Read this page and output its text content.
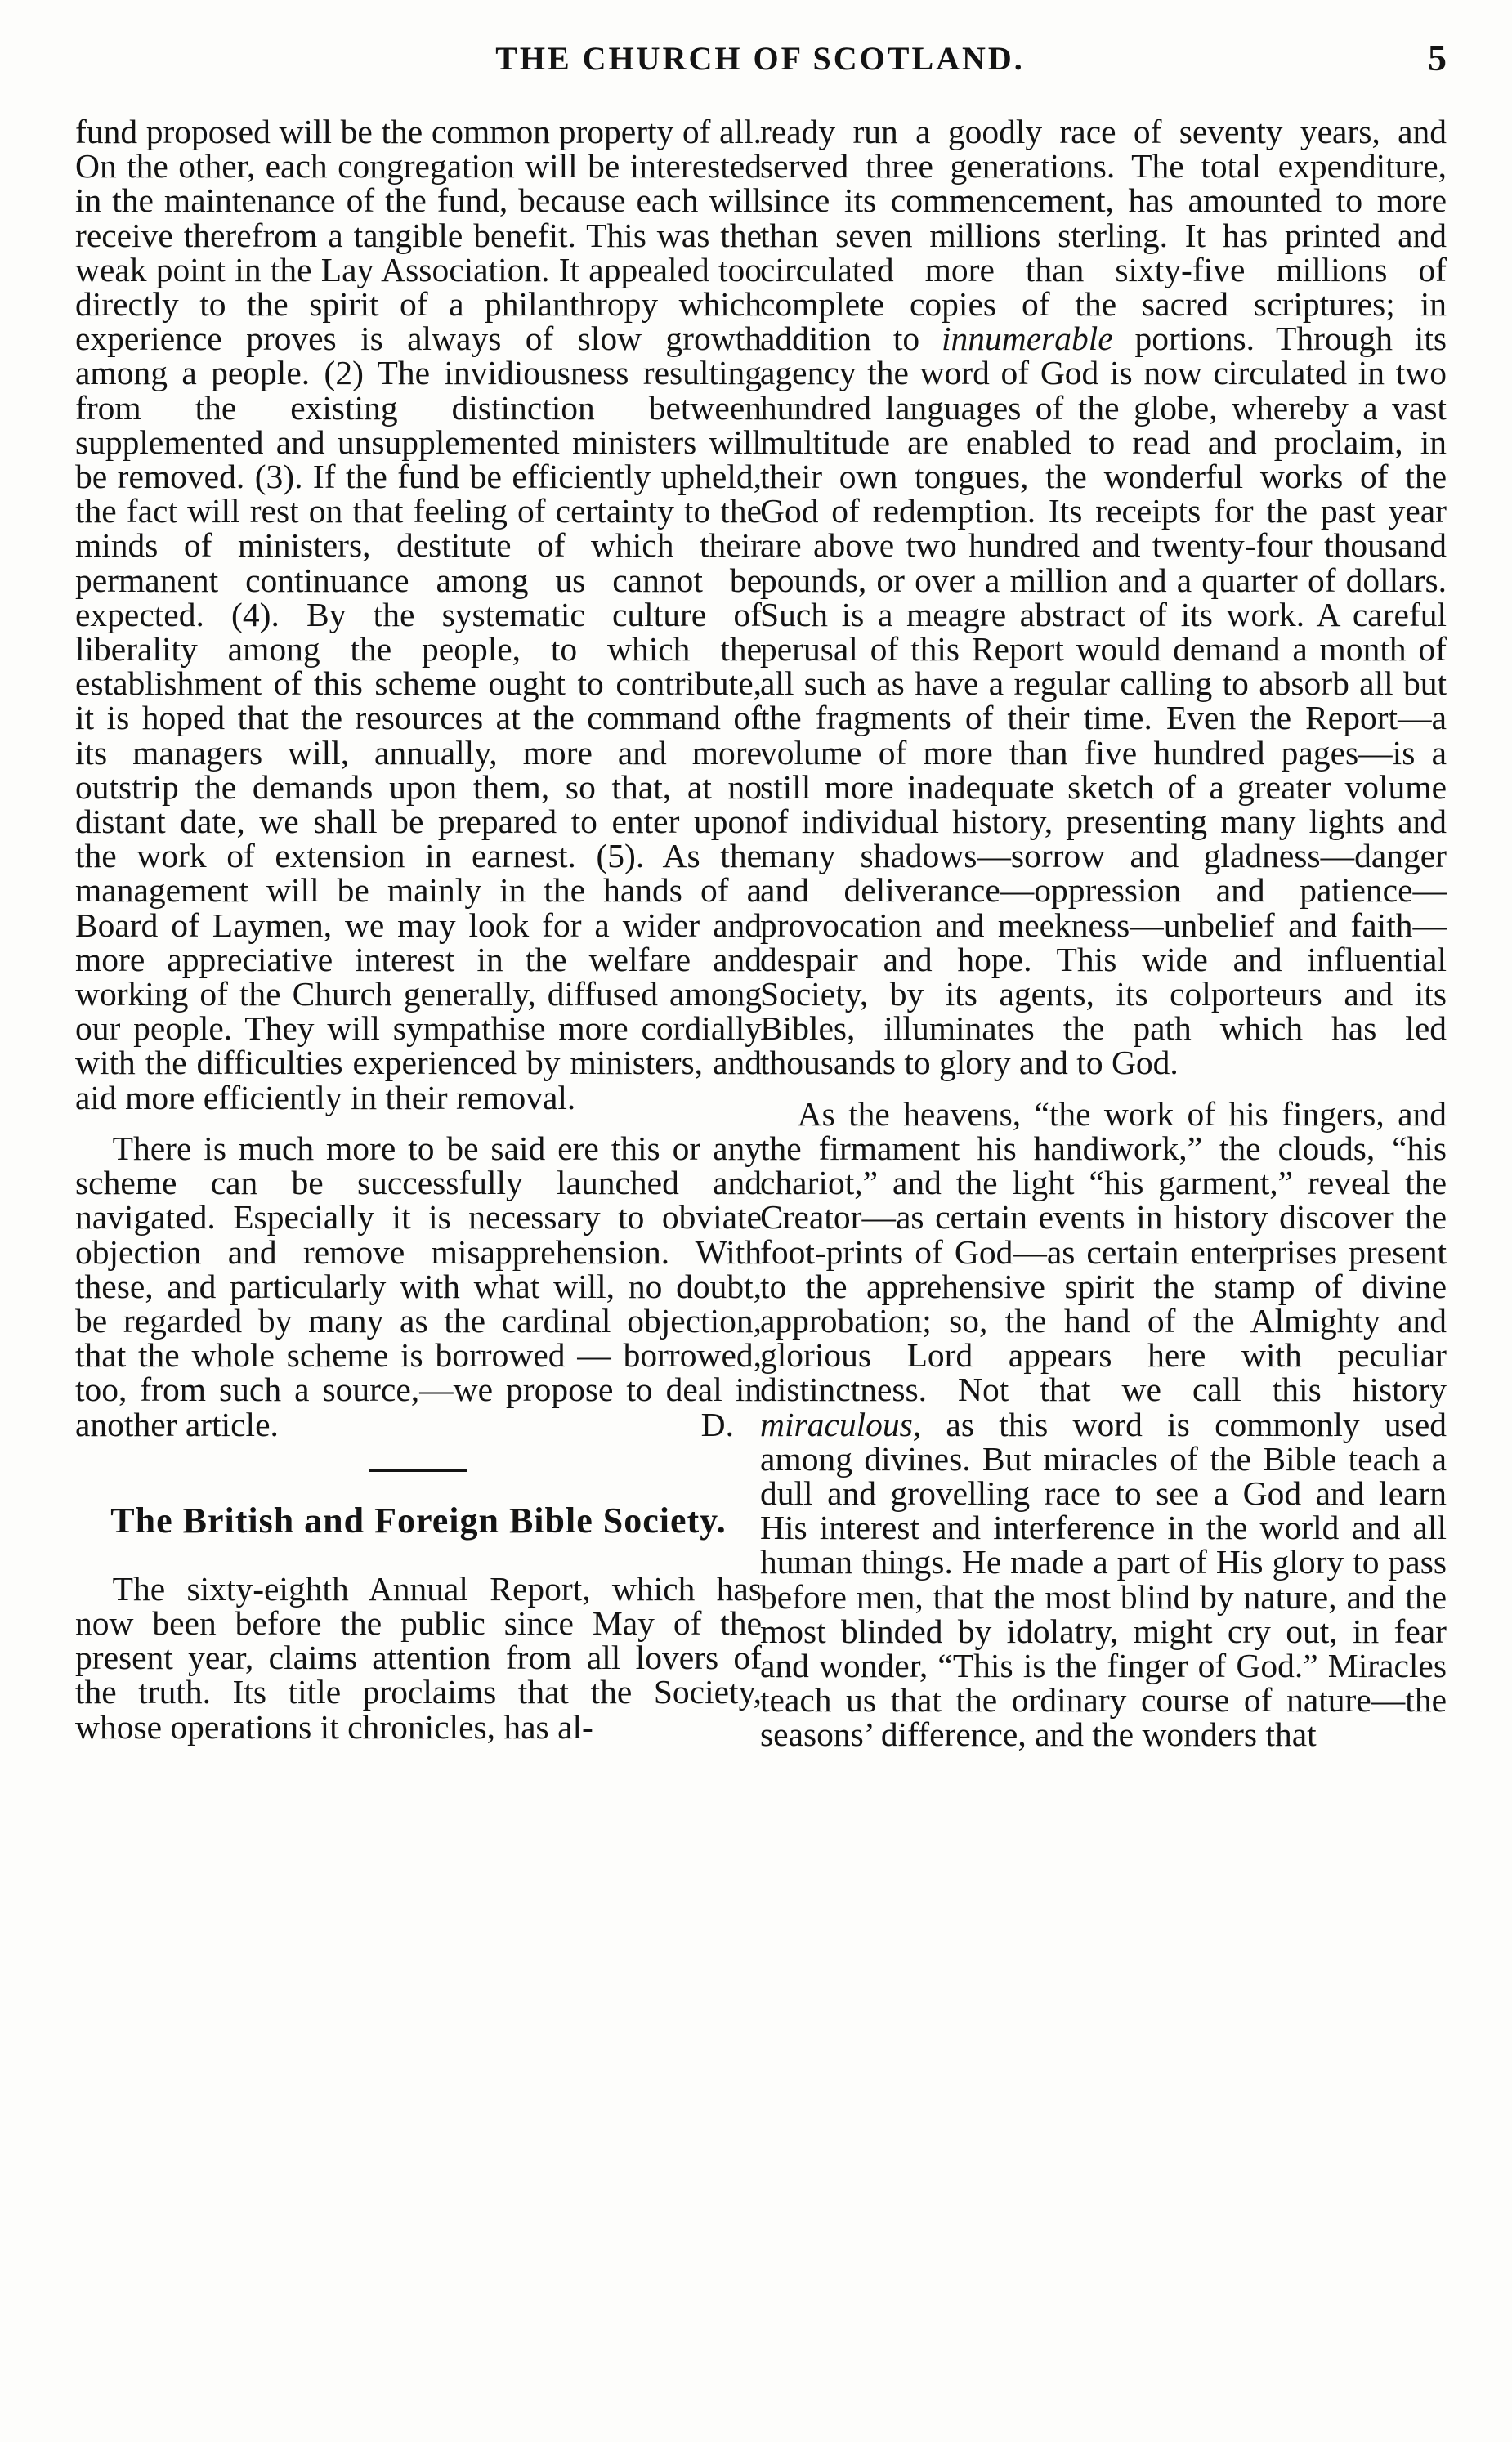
THE CHURCH OF SCOTLAND.	5

fund proposed will be the common property of all. On the other, each congregation will be interested in the maintenance of the fund, because each will receive therefrom a tangible benefit. This was the weak point in the Lay Association. It appealed too directly to the spirit of a philanthropy which experience proves is always of slow growth among a people. (2) The invidiousness resulting from the existing distinction between supplemented and unsupplemented ministers will be removed. (3). If the fund be efficiently upheld, the fact will rest on that feeling of certainty to the minds of ministers, destitute of which their permanent continuance among us cannot be expected. (4). By the systematic culture of liberality among the people, to which the establishment of this scheme ought to contribute, it is hoped that the resources at the command of its managers will, annually, more and more outstrip the demands upon them, so that, at no distant date, we shall be prepared to enter upon the work of extension in earnest. (5). As the management will be mainly in the hands of a Board of Laymen, we may look for a wider and more appreciative interest in the welfare and working of the Church generally, diffused among our people. They will sympathise more cordially with the difficulties experienced by ministers, and aid more efficiently in their removal.

There is much more to be said ere this or any scheme can be successfully launched and navigated. Especially it is necessary to obviate objection and remove misapprehension. With these, and particularly with what will, no doubt, be regarded by many as the cardinal objection, that the whole scheme is borrowed — borrowed, too, from such a source,—we propose to deal in another article.	D.

The British and Foreign Bible Society.

The sixty-eighth Annual Report, which has now been before the public since May of the present year, claims attention from all lovers of the truth. Its title proclaims that the Society, whose operations it chronicles, has al-

ready run a goodly race of seventy years, and served three generations. The total expenditure, since its commencement, has amounted to more than seven millions sterling. It has printed and circulated more than sixty-five millions of complete copies of the sacred scriptures; in addition to innumerable portions. Through its agency the word of God is now circulated in two hundred languages of the globe, whereby a vast multitude are enabled to read and proclaim, in their own tongues, the wonderful works of the God of redemption. Its receipts for the past year are above two hundred and twenty-four thousand pounds, or over a million and a quarter of dollars. Such is a meagre abstract of its work. A careful perusal of this Report would demand a month of all such as have a regular calling to absorb all but the fragments of their time. Even the Report—a volume of more than five hundred pages—is a still more inadequate sketch of a greater volume of individual history, presenting many lights and many shadows—sorrow and gladness—danger and deliverance—oppression and patience—provocation and meekness—unbelief and faith—despair and hope. This wide and influential Society, by its agents, its colporteurs and its Bibles, illuminates the path which has led thousands to glory and to God.

As the heavens, “the work of his fingers, and the firmament his handiwork,” the clouds, “his chariot,” and the light “his garment,” reveal the Creator—as certain events in history discover the foot-prints of God—as certain enterprises present to the apprehensive spirit the stamp of divine approbation; so, the hand of the Almighty and glorious Lord appears here with peculiar distinctness. Not that we call this history miraculous, as this word is commonly used among divines. But miracles of the Bible teach a dull and grovelling race to see a God and learn His interest and interference in the world and all human things. He made a part of His glory to pass before men, that the most blind by nature, and the most blinded by idolatry, might cry out, in fear and wonder, “This is the finger of God.” Miracles teach us that the ordinary course of nature—the seasons’ difference, and the wonders that
